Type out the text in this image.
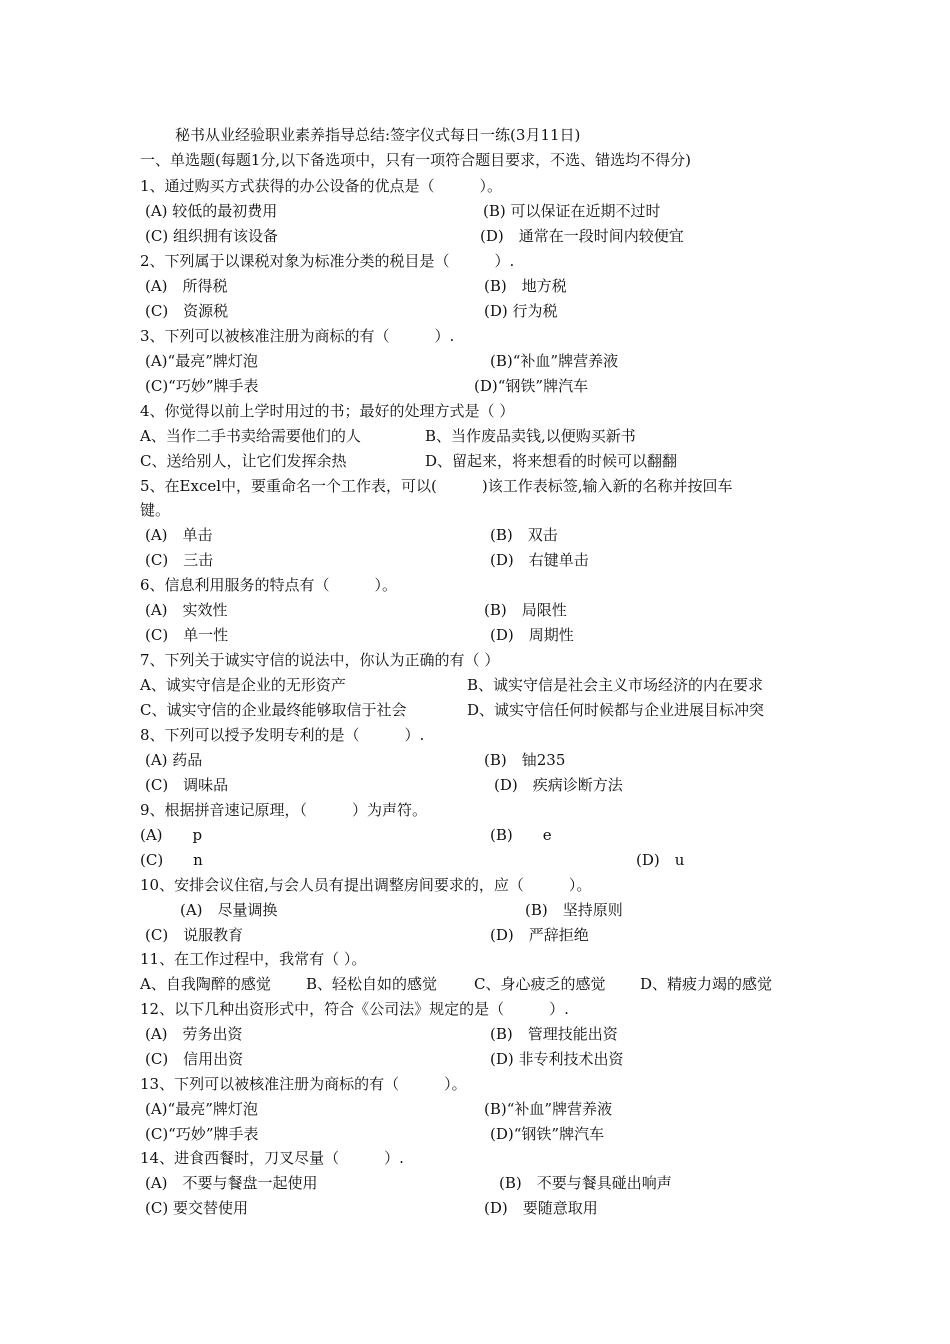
秘书从业经验职业素养指导总结:签字仪式每日一练(3月11日)
一、单选题(每题1分,以下备选项中，只有一项符合题目要求，不选、错选均不得分)
1、通过购买方式获得的办公设备的优点是（　　　）。
(A) 较低的最初费用	(B) 可以保证在近期不过时
(C) 组织拥有该设备	(D)　通常在一段时间内较便宜
2、下列属于以课税对象为标准分类的税目是（　　　）.
(A)　所得税	(B)　地方税
(C)　资源税	(D) 行为税
3、下列可以被核准注册为商标的有（　　　）.
(A)“最亮”牌灯泡	(B)“补血”牌营养液
(C)“巧妙”牌手表	(D)“钢铁”牌汽车
4、你觉得以前上学时用过的书；最好的处理方式是（ ）
A、当作二手书卖给需要他们的人	B、当作废品卖钱,以便购买新书
C、送给别人，让它们发挥余热	D、留起来，将来想看的时候可以翻翻
5、在Excel中，要重命名一个工作表，可以(　　　)该工作表标签,输入新的名称并按回车
键。
(A)　单击	(B)　双击
(C)　三击	(D)　右键单击
6、信息利用服务的特点有（　　　）。
(A)　实效性	(B)　局限性
(C)　单一性	(D)　周期性
7、下列关于诚实守信的说法中，你认为正确的有（ ）
A、诚实守信是企业的无形资产	B、诚实守信是社会主义市场经济的内在要求
C、诚实守信的企业最终能够取信于社会	D、诚实守信任何时候都与企业进展目标冲突
8、下列可以授予发明专利的是（　　　）.
(A) 药品	(B)　铀235
(C)　调味品	(D)　疾病诊断方法
9、根据拼音速记原理，（　　　）为声符。
(A)　　p	(B)　　e
(C)　　n	(D)　u
10、安排会议住宿,与会人员有提出调整房间要求的，应（　　　）。
(A)　尽量调换	(B)　坚持原则
(C)　说服教育	(D)　严辞拒绝
11、在工作过程中，我常有（ ）。
A、自我陶醉的感觉 B、轻松自如的感觉 C、身心疲乏的感觉 D、精疲力竭的感觉
12、以下几种出资形式中，符合《公司法》规定的是（　　　）.
(A)　劳务出资	(B)　管理技能出资
(C)　信用出资	(D) 非专利技术出资
13、下列可以被核准注册为商标的有（　　　）。
(A)“最亮”牌灯泡	(B)“补血”牌营养液
(C)“巧妙”牌手表	(D)“钢铁”牌汽车
14、进食西餐时，刀叉尽量（　　　）.
(A)　不要与餐盘一起使用	(B)　不要与餐具碰出响声
(C) 要交替使用	(D)　要随意取用
